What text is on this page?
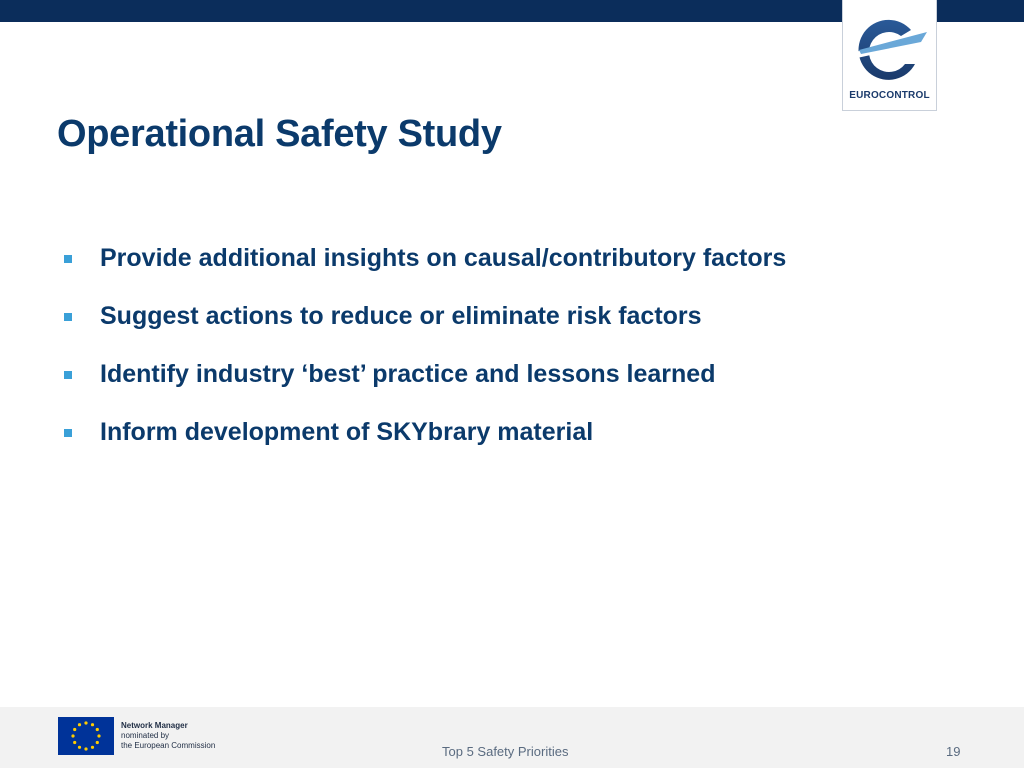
EUROCONTROL
Operational Safety Study
Provide additional insights on causal/contributory factors
Suggest actions to reduce or eliminate risk factors
Identify industry ‘best’ practice and lessons learned
Inform development of SKYbrary material
Network Manager
nominated by
the European Commission	Top 5 Safety Priorities	19
